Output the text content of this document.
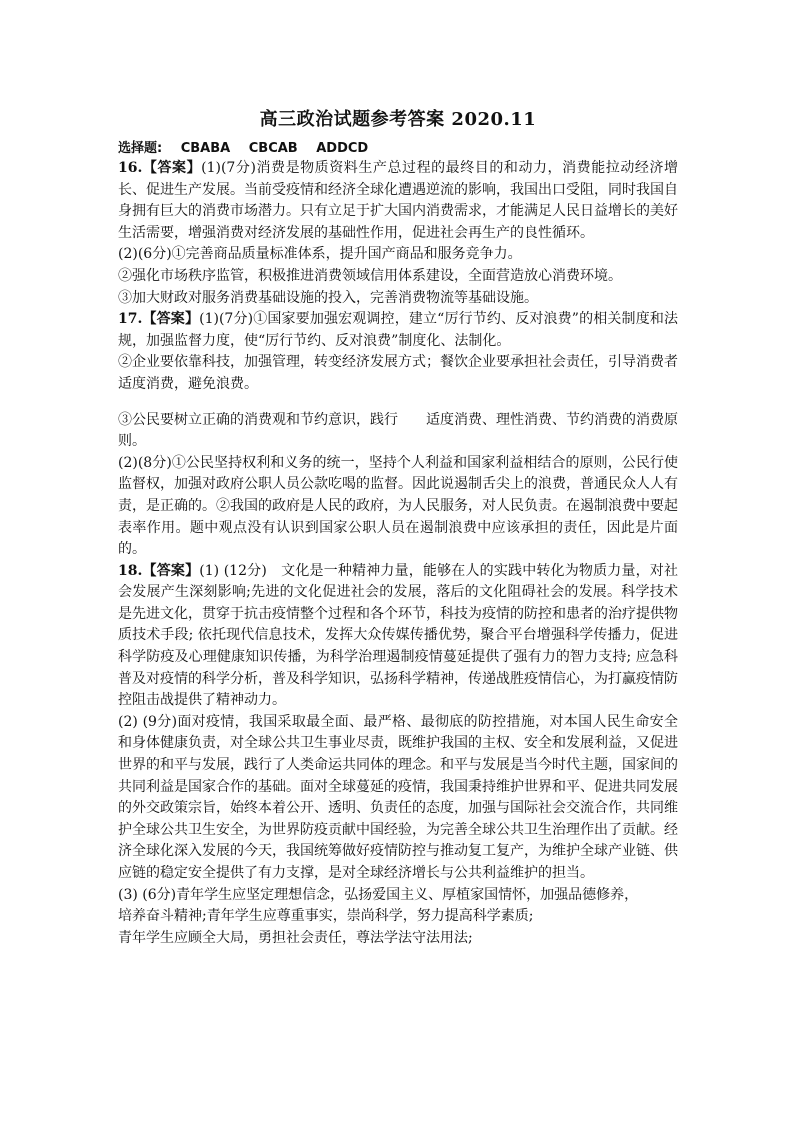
高三政治试题参考答案 2020.11
选择题: CBABA CBCAB ADDCD

16.【答案】(1)(7分)消费是物质资料生产总过程的最终目的和动力，消费能拉动经济增长、促进生产发展。当前受疫情和经济全球化遭遇逆流的影响，我国出口受阻，同时我国自身拥有巨大的消费市场潜力。只有立足于扩大国内消费需求，才能满足人民日益增长的美好生活需要，增强消费对经济发展的基础性作用，促进社会再生产的良性循环。

(2)(6分)①完善商品质量标准体系，提升国产商品和服务竞争力。

②强化市场秩序监管，积极推进消费领域信用体系建设，全面营造放心消费环境。

③加大财政对服务消费基础设施的投入，完善消费物流等基础设施。

17.【答案】(1)(7分)①国家要加强宏观调控，建立“厉行节约、反对浪费”的相关制度和法规，加强监督力度，使“厉行节约、反对浪费”制度化、法制化。

②企业要依靠科技，加强管理，转变经济发展方式；餐饮企业要承担社会责任，引导消费者适度消费，避免浪费。

③公民要树立正确的消费观和节约意识，践行　　适度消费、理性消费、节约消费的消费原则。

(2)(8分)①公民坚持权利和义务的统一，坚持个人利益和国家利益相结合的原则，公民行使监督权，加强对政府公职人员公款吃喝的监督。因此说遏制舌尖上的浪费，普通民众人人有责，是正确的。②我国的政府是人民的政府，为人民服务，对人民负责。在遏制浪费中要起表率作用。题中观点没有认识到国家公职人员在遏制浪费中应该承担的责任，因此是片面的。

18.【答案】(1) (12分)　文化是一种精神力量，能够在人的实践中转化为物质力量，对社会发展产生深刻影响;先进的文化促进社会的发展，落后的文化阻碍社会的发展。科学技术是先进文化，贯穿于抗击疫情整个过程和各个环节，科技为疫情的防控和患者的治疗提供物质技术手段; 依托现代信息技术，发挥大众传媒传播优势，聚合平台增强科学传播力，促进科学防疫及心理健康知识传播，为科学治理遏制疫情蔓延提供了强有力的智力支持; 应急科普及对疫情的科学分析，普及科学知识，弘扬科学精神，传递战胜疫情信心，为打赢疫情防控阻击战提供了精神动力。

(2) (9分)面对疫情，我国采取最全面、最严格、最彻底的防控措施，对本国人民生命安全和身体健康负责，对全球公共卫生事业尽责，既维护我国的主权、安全和发展利益，又促进世界的和平与发展，践行了人类命运共同体的理念。和平与发展是当今时代主题，国家间的共同利益是国家合作的基础。面对全球蔓延的疫情，我国秉持维护世界和平、促进共同发展的外交政策宗旨，始终本着公开、透明、负责任的态度，加强与国际社会交流合作，共同维护全球公共卫生安全，为世界防疫贡献中国经验，为完善全球公共卫生治理作出了贡献。经济全球化深入发展的今天，我国统筹做好疫情防控与推动复工复产，为维护全球产业链、供应链的稳定安全提供了有力支撑，是对全球经济增长与公共利益维护的担当。

(3) (6分)青年学生应坚定理想信念，弘扬爱国主义、厚植家国情怀，加强品德修养，

培养奋斗精神;青年学生应尊重事实，崇尚科学，努力提高科学素质;

青年学生应顾全大局，勇担社会责任，尊法学法守法用法;
